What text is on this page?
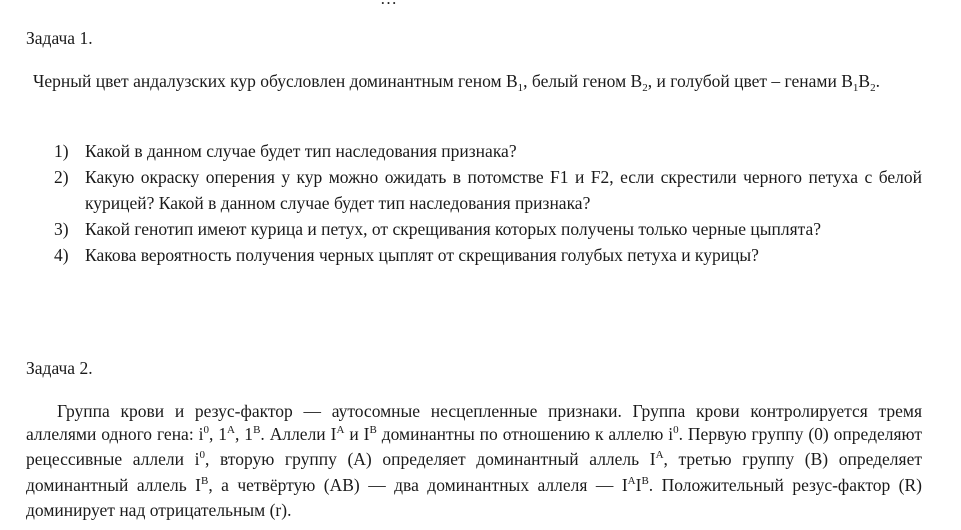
Задача 1.
Черный цвет андалузских кур обусловлен доминантным геном $В_1$, белый геном $В_2$, и голубой цвет – генами $В_1В_2$.
1) Какой в данном случае будет тип наследования признака?
2) Какую окраску оперения у кур можно ожидать в потомстве F1 и F2, если скрестили черного петуха с белой курицей? Какой в данном случае будет тип наследования признака?
3) Какой генотип имеют курица и петух, от скрещивания которых получены только черные цыплята?
4) Какова вероятность получения черных цыплят от скрещивания голубых петуха и курицы?
Задача 2.
Группа крови и резус-фактор — аутосомные несцепленные признаки. Группа крови контролируется тремя аллелями одного гена: $i^0$, $1^A$, $1^B$. Аллели $I^A$ и $I^B$ доминантны по отношению к аллелю $i^0$. Первую группу (0) определяют рецессивные аллели $i^0$, вторую группу (А) определяет доминантный аллель $I^A$, третью группу (В) определяет доминантный аллель $I^B$, а четвёртую (АВ) — два доминантных аллеля — $I^AI^B$. Положительный резус-фактор (R) доминирует над отрицательным (r).
